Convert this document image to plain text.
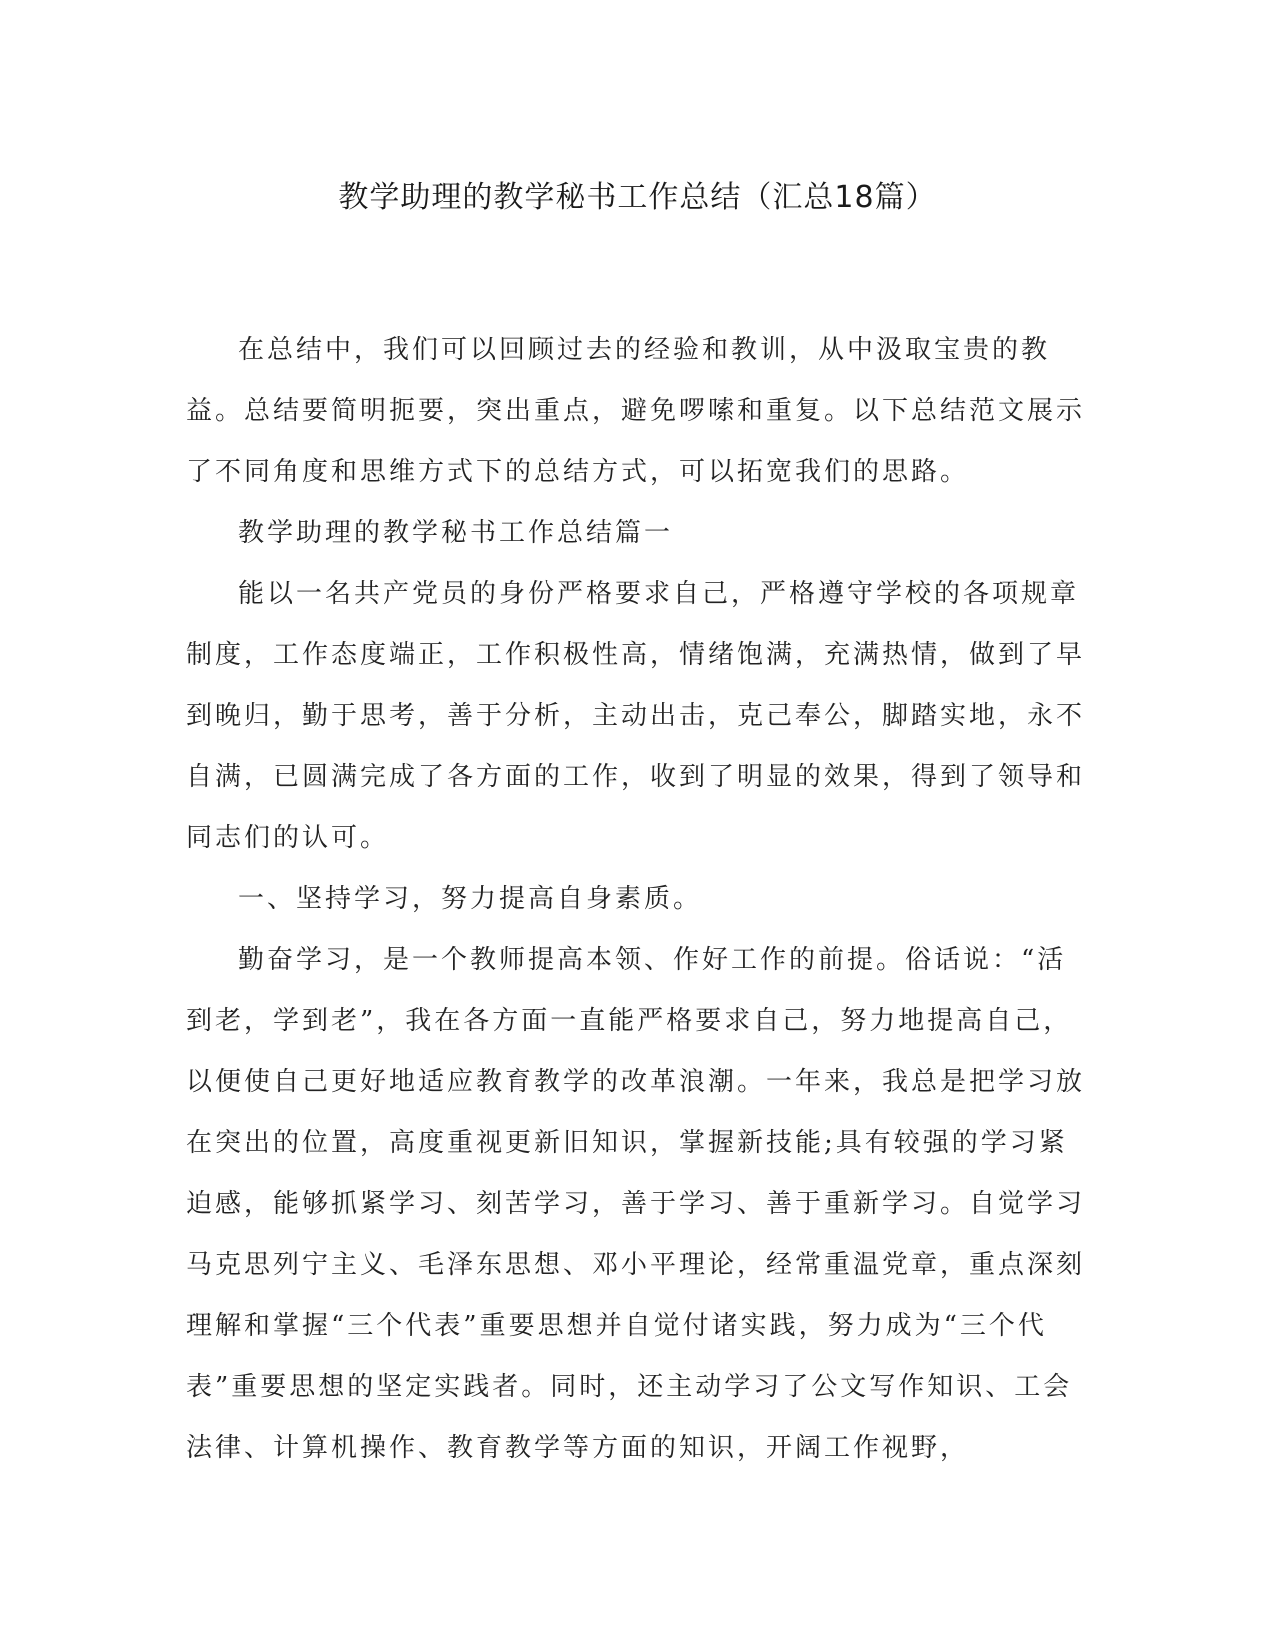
教学助理的教学秘书工作总结（汇总18篇）

在总结中，我们可以回顾过去的经验和教训，从中汲取宝贵的教益。总结要简明扼要，突出重点，避免啰嗦和重复。以下总结范文展示了不同角度和思维方式下的总结方式，可以拓宽我们的思路。

教学助理的教学秘书工作总结篇一

能以一名共产党员的身份严格要求自己，严格遵守学校的各项规章制度，工作态度端正，工作积极性高，情绪饱满，充满热情，做到了早到晚归，勤于思考，善于分析，主动出击，克己奉公，脚踏实地，永不自满，已圆满完成了各方面的工作，收到了明显的效果，得到了领导和同志们的认可。

一、坚持学习，努力提高自身素质。

勤奋学习，是一个教师提高本领、作好工作的前提。俗话说：“活到老，学到老”，我在各方面一直能严格要求自己，努力地提高自己，以便使自己更好地适应教育教学的改革浪潮。一年来，我总是把学习放在突出的位置，高度重视更新旧知识，掌握新技能;具有较强的学习紧迫感，能够抓紧学习、刻苦学习，善于学习、善于重新学习。自觉学习马克思列宁主义、毛泽东思想、邓小平理论，经常重温党章，重点深刻理解和掌握“三个代表”重要思想并自觉付诸实践，努力成为“三个代表”重要思想的坚定实践者。同时，还主动学习了公文写作知识、工会法律、计算机操作、教育教学等方面的知识，开阔工作视野，
